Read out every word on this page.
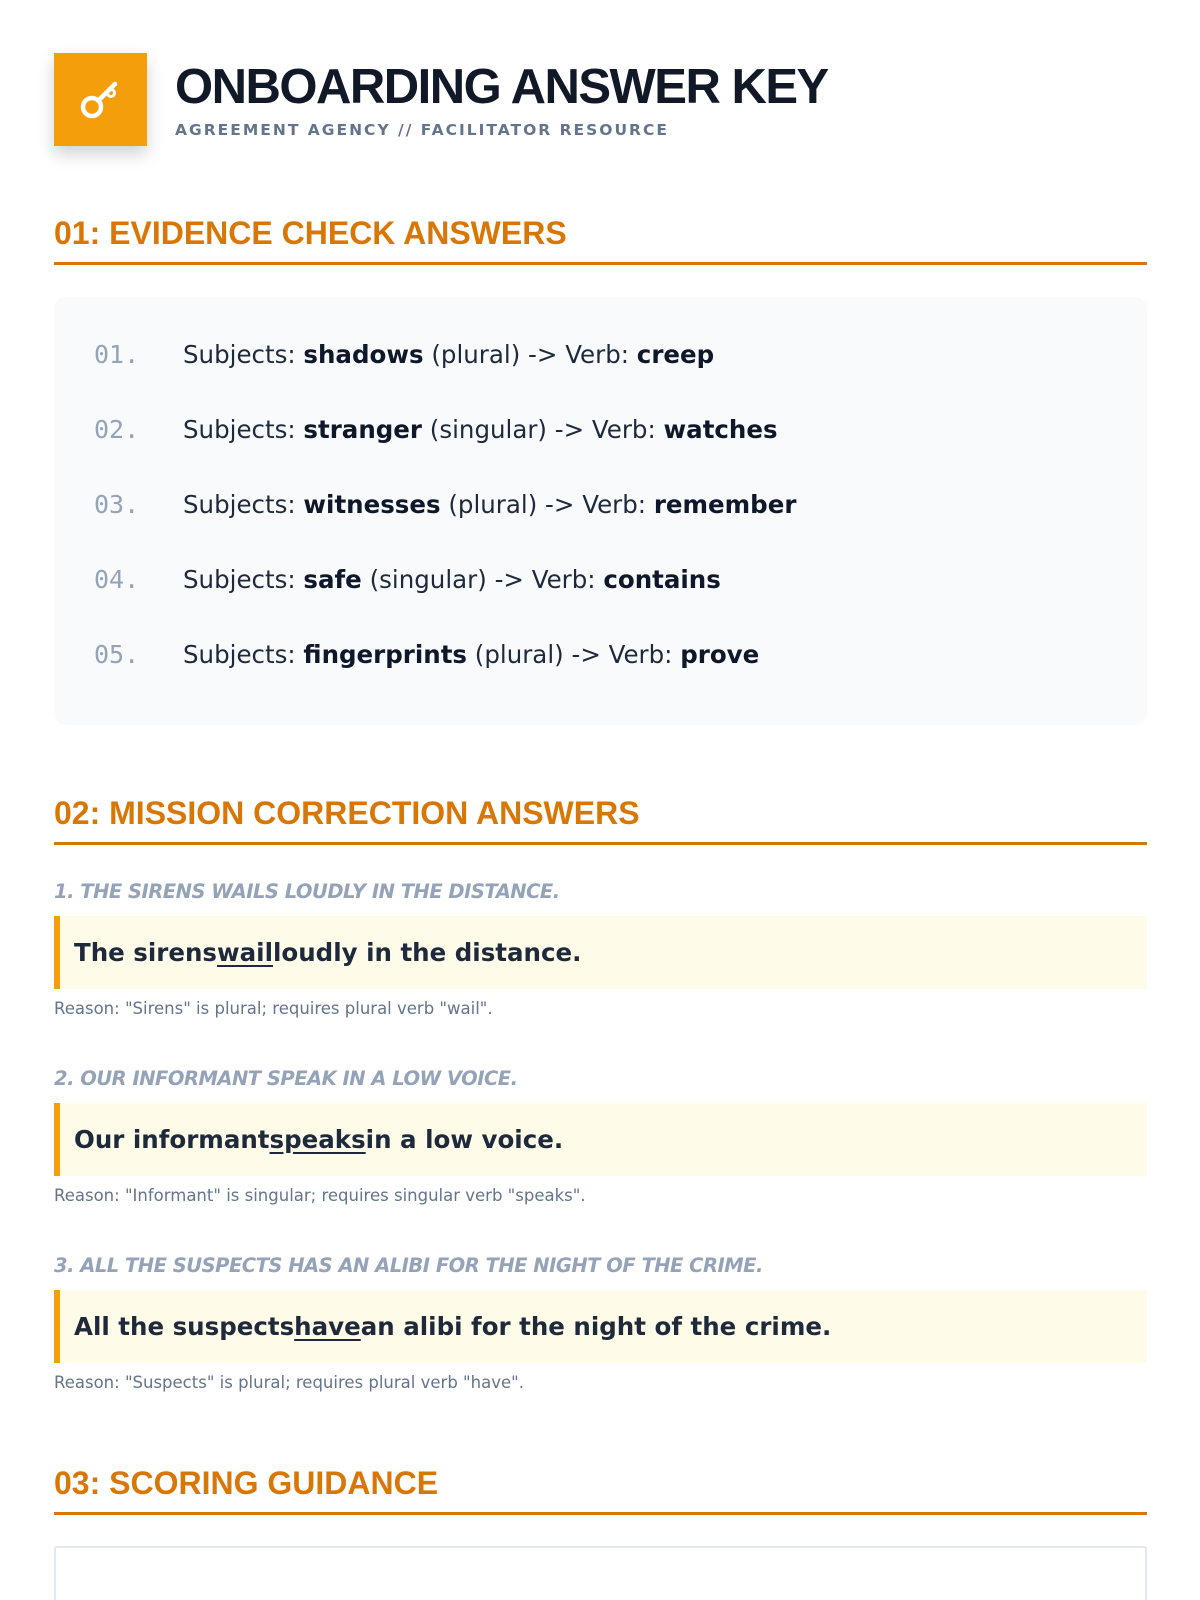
ONBOARDING ANSWER KEY
AGREEMENT AGENCY // FACILITATOR RESOURCE
01: EVIDENCE CHECK ANSWERS
01.	Subjects: shadows (plural) -> Verb: creep
02.	Subjects: stranger (singular) -> Verb: watches
03.	Subjects: witnesses (plural) -> Verb: remember
04.	Subjects: safe (singular) -> Verb: contains
05.	Subjects: fingerprints (plural) -> Verb: prove
02: MISSION CORRECTION ANSWERS
1. THE SIRENS WAILS LOUDLY IN THE DISTANCE.
The sirens wail loudly in the distance.
Reason: "Sirens" is plural; requires plural verb "wail".
2. OUR INFORMANT SPEAK IN A LOW VOICE.
Our informant speaks in a low voice.
Reason: "Informant" is singular; requires singular verb "speaks".
3. ALL THE SUSPECTS HAS AN ALIBI FOR THE NIGHT OF THE CRIME.
All the suspects have an alibi for the night of the crime.
Reason: "Suspects" is plural; requires plural verb "have".
03: SCORING GUIDANCE
